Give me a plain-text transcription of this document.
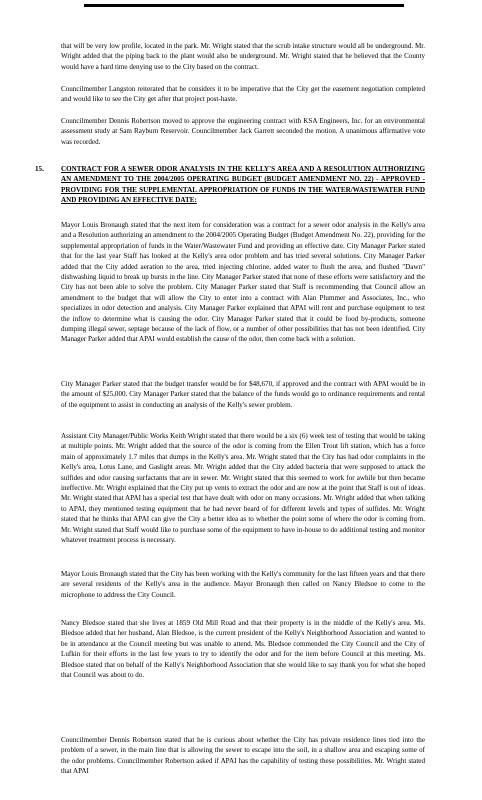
that will be very low profile, located in the park. Mr. Wright stated that the scrub intake structure would all be underground. Mr. Wright added that the piping back to the plant would also be underground. Mr. Wright stated that he believed that the County would have a hard time denying use to the City based on the contract.

Councilmember Langston reiterated that he considers it to be imperative that the City get the easement negotiation completed and would like to see the City get after that project post-haste.

Councilmember Dennis Robertson moved to approve the engineering contract with KSA Engineers, Inc. for an environmental assessment study at Sam Rayburn Reservoir. Councilmember Jack Garrett seconded the motion. A unanimous affirmative vote was recorded.

15. CONTRACT FOR A SEWER ODOR ANALYSIS IN THE KELLY'S AREA AND A RESOLUTION AUTHORIZING AN AMENDMENT TO THE 2004/2005 OPERATING BUDGET (BUDGET AMENDMENT NO. 22) - APPROVED - PROVIDING FOR THE SUPPLEMENTAL APPROPRIATION OF FUNDS IN THE WATER/WASTEWATER FUND AND PROVIDING AN EFFECTIVE DATE:

Mayor Louis Bronaugh stated that the next item for consideration was a contract for a sewer odor analysis in the Kelly's area and a Resolution authorizing an amendment to the 2004/2005 Operating Budget (Budget Amendment No. 22), providing for the supplemental appropriation of funds in the Water/Wastewater Fund and providing an effective date. City Manager Parker stated that for the last year Staff has looked at the Kelly's area odor problem and has tried several solutions. City Manager Parker added that the City added aeration to the area, tried injecting chlorine, added water to flush the area, and flushed "Dawn" dishwashing liquid to break up bursts in the line. City Manager Parker stated that none of these efforts were satisfactory and the City has not been able to solve the problem. City Manager Parker stated that Staff is recommending that Council allow an amendment to the budget that will allow the City to enter into a contract with Alan Plummer and Associates, Inc., who specializes in odor detection and analysis. City Manager Parker explained that APAI will rent and purchase equipment to test the inflow to determine what is causing the odor. City Manager Parker stated that it could be food by-products, someone dumping illegal sewer, septage because of the lack of flow, or a number of other possibilities that has not been identified. City Manager Parker added that APAI would establish the cause of the odor, then come back with a solution.

City Manager Parker stated that the budget transfer would be for $48,670, if approved and the contract with APAI would be in the amount of $25,000. City Manager Parker stated that the balance of the funds would go to ordinance requirements and rental of the equipment to assist in conducting an analysis of the Kelly's sewer problem.

Assistant City Manager/Public Works Keith Wright stated that there would be a six (6) week test of testing that would be taking at multiple points. Mr. Wright added that the source of the odor is coming from the Ellen Trout lift station, which has a force main of approximately 1.7 miles that dumps in the Kelly's area. Mr. Wright stated that the City has had odor complaints in the Kelly's area, Lotus Lane, and Gaslight areas. Mr. Wright added that the City added bacteria that were supposed to attack the sulfides and odor causing surfactants that are in sewer. Mr. Wright stated that this seemed to work for awhile but then became ineffective. Mr. Wright explained that the City put up vents to extract the odor and are now at the point that Staff is out of ideas. Mr. Wright stated that APAI has a special test that have dealt with odor on many occasions. Mr. Wright added that when talking to APAI, they mentioned testing equipment that he had never heard of for different levels and types of sulfides. Mr. Wright stated that he thinks that APAI can give the City a better idea as to whether the point some of where the odor is coming from. Mr. Wright stated that Staff would like to purchase some of the equipment to have in-house to do additional testing and monitor whatever treatment process is necessary.

Mayor Louis Bronaugh stated that the City has been working with the Kelly's community for the last fifteen years and that there are several residents of the Kelly's area in the audience. Mayor Bronaugh then called on Nancy Bledsoe to come to the microphone to address the City Council.

Nancy Bledsoe stated that she lives at 1859 Old Mill Road and that their property is in the middle of the Kelly's area. Ms. Bledsoe added that her husband, Alan Bledsoe, is the current president of the Kelly's Neighborhood Association and wanted to be in attendance at the Council meeting but was unable to attend. Ms. Bledsoe commended the City Council and the City of Lufkin for their efforts in the last few years to try to identify the odor and for the item before Council at this meeting. Ms. Bledsoe stated that on behalf of the Kelly's Neighborhood Association that she would like to say thank you for what she hoped that Council was about to do.

Councilmember Dennis Robertson stated that he is curious about whether the City has private residence lines tied into the problem of a sewer, in the main line that is allowing the sewer to escape into the soil, in a shallow area and escaping some of the odor problems. Councilmember Robertson asked if APAI has the capability of testing these possibilities. Mr. Wright stated that APAI
